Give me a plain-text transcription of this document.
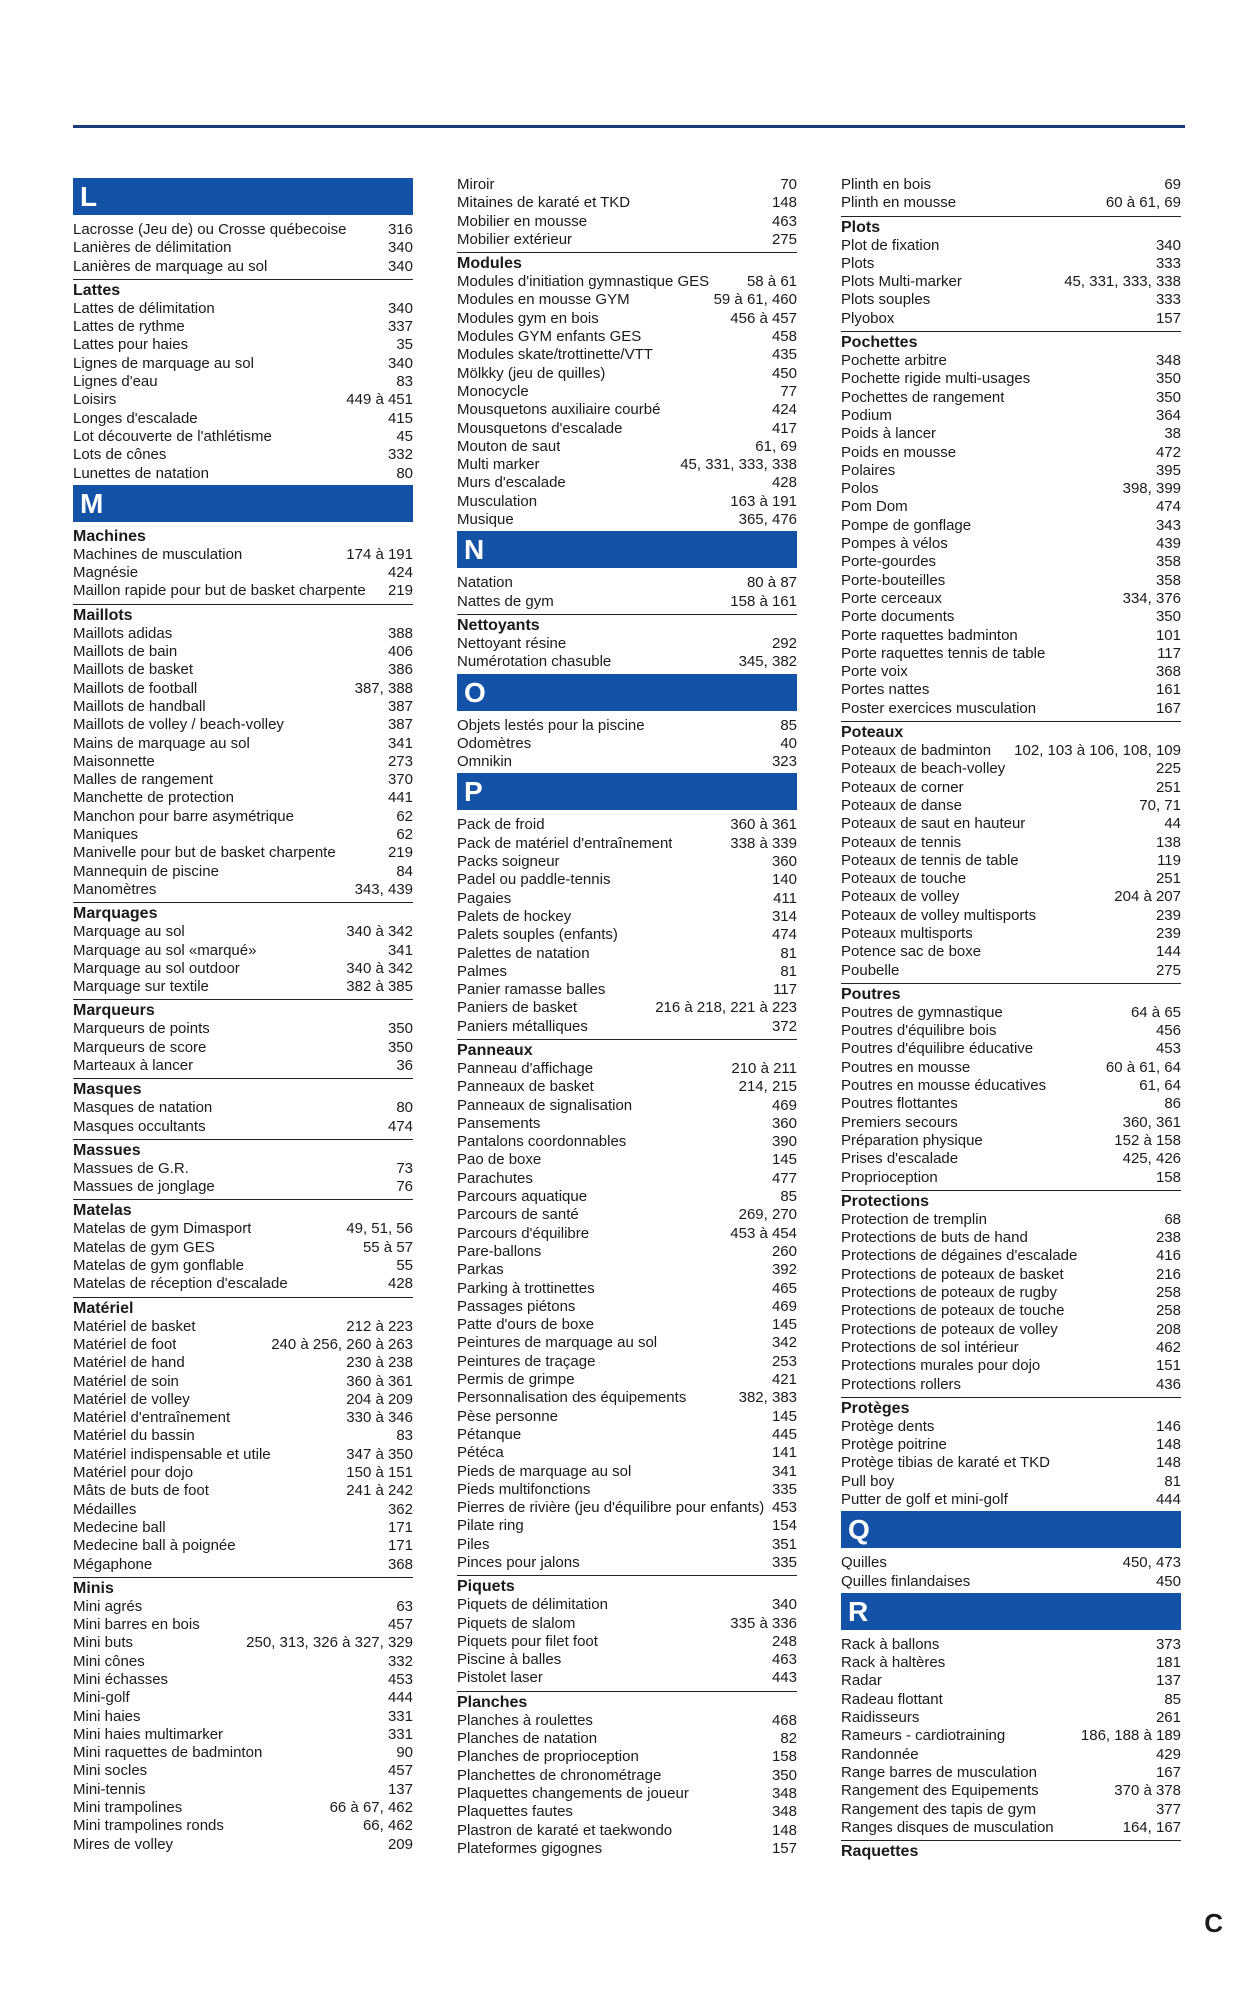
L
Lacrosse (Jeu de) ou Crosse québecoise	316
Lanières de délimitation	340
Lanières de marquage au sol	340
Lattes
Lattes de délimitation	340
Lattes de rythme	337
Lattes pour haies	35
Lignes de marquage au sol	340
Lignes d'eau	83
Loisirs	449 à 451
Longes d'escalade	415
Lot découverte de l'athlétisme	45
Lots de cônes	332
Lunettes de natation	80
M
Machines
Machines de musculation	174 à 191
Magnésie	424
Maillon rapide pour but de basket charpente 219
Maillots
Maillots adidas	388
Maillots de bain	406
Maillots de basket	386
Maillots de football	387, 388
Maillots de handball	387
Maillots de volley / beach-volley	387
Mains de marquage au sol	341
Maisonnette	273
Malles de rangement	370
Manchette de protection	441
Manchon pour barre asymétrique	62
Maniques	62
Manivelle pour but de basket charpente	219
Mannequin de piscine	84
Manomètres	343, 439
Marquages
Marquage au sol	340 à 342
Marquage au sol «marqué»	341
Marquage au sol outdoor	340 à 342
Marquage sur textile	382 à 385
Marqueurs
Marqueurs de points	350
Marqueurs de score	350
Marteaux à lancer	36
Masques
Masques de natation	80
Masques occultants	474
Massues
Massues de G.R.	73
Massues de jonglage	76
Matelas
Matelas de gym Dimasport	49, 51, 56
Matelas de gym GES	55 à 57
Matelas de gym gonflable	55
Matelas de réception d'escalade	428
Matériel
Matériel de basket	212 à 223
Matériel de foot	240 à 256, 260 à 263
Matériel de hand	230 à 238
Matériel de soin	360 à 361
Matériel de volley	204 à 209
Matériel d'entraînement	330 à 346
Matériel du bassin	83
Matériel indispensable et utile	347 à 350
Matériel pour dojo	150 à 151
Mâts de buts de foot	241 à 242
Médailles	362
Medecine ball	171
Medecine ball à poignée	171
Mégaphone	368
Minis
Mini agrés	63
Mini barres en bois	457
Mini buts	250, 313, 326 à 327, 329
Mini cônes	332
Mini échasses	453
Mini-golf	444
Mini haies	331
Mini haies multimarker	331
Mini raquettes de badminton	90
Mini socles	457
Mini-tennis	137
Mini trampolines	66 à 67, 462
Mini trampolines ronds	66, 462
Mires de volley	209
Miroir	70
Mitaines de karaté et TKD	148
Mobilier en mousse	463
Mobilier extérieur	275
Modules
Modules d'initiation gymnastique GES	58 à 61
Modules en mousse GYM	59 à 61, 460
Modules gym en bois	456 à 457
Modules GYM enfants GES	458
Modules skate/trottinette/VTT	435
Mölkky (jeu de quilles)	450
Monocycle	77
Mousquetons auxiliaire courbé	424
Mousquetons d'escalade	417
Mouton de saut	61, 69
Multi marker	45, 331, 333, 338
Murs d'escalade	428
Musculation	163 à 191
Musique	365, 476
N
Natation	80 à 87
Nattes de gym	158 à 161
Nettoyants
Nettoyant résine	292
Numérotation chasuble	345, 382
O
Objets lestés pour la piscine	85
Odomètres	40
Omnikin	323
P
Pack de froid	360 à 361
Pack de matériel d'entraînement	338 à 339
Packs soigneur	360
Padel ou paddle-tennis	140
Pagaies	411
Palets de hockey	314
Palets souples (enfants)	474
Palettes de natation	81
Palmes	81
Panier ramasse balles	117
Paniers de basket	216 à 218, 221 à 223
Paniers métalliques	372
Panneaux
Panneau d'affichage	210 à 211
Panneaux de basket	214, 215
Panneaux de signalisation	469
Pansements	360
Pantalons coordonnables	390
Pao de boxe	145
Parachutes	477
Parcours aquatique	85
Parcours de santé	269, 270
Parcours d'équilibre	453 à 454
Pare-ballons	260
Parkas	392
Parking à trottinettes	465
Passages piétons	469
Patte d'ours de boxe	145
Peintures de marquage au sol	342
Peintures de traçage	253
Permis de grimpe	421
Personnalisation des équipements	382, 383
Pèse personne	145
Pétanque	445
Pétéca	141
Pieds de marquage au sol	341
Pieds multifonctions	335
Pierres de rivière (jeu d'équilibre pour enfants) 453
Pilate ring	154
Piles	351
Pinces pour jalons	335
Piquets
Piquets de délimitation	340
Piquets de slalom	335 à 336
Piquets pour filet foot	248
Piscine à balles	463
Pistolet laser	443
Planches
Planches à roulettes	468
Planches de natation	82
Planches de proprioception	158
Planchettes de chronométrage	350
Plaquettes changements de joueur	348
Plaquettes fautes	348
Plastron de karaté et taekwondo	148
Plateformes gigognes	157
Plinth en bois	69
Plinth en mousse	60 à 61, 69
Plots
Plot de fixation	340
Plots	333
Plots Multi-marker	45, 331, 333, 338
Plots souples	333
Plyobox	157
Pochettes
Pochette arbitre	348
Pochette rigide multi-usages	350
Pochettes de rangement	350
Podium	364
Poids à lancer	38
Poids en mousse	472
Polaires	395
Polos	398, 399
Pom Dom	474
Pompe de gonflage	343
Pompes à vélos	439
Porte-gourdes	358
Porte-bouteilles	358
Porte cerceaux	334, 376
Porte documents	350
Porte raquettes badminton	101
Porte raquettes tennis de table	117
Porte voix	368
Portes nattes	161
Poster exercices musculation	167
Poteaux
Poteaux de badminton 102, 103 à 106, 108, 109
Poteaux de beach-volley	225
Poteaux de corner	251
Poteaux de danse	70, 71
Poteaux de saut en hauteur	44
Poteaux de tennis	138
Poteaux de tennis de table	119
Poteaux de touche	251
Poteaux de volley	204 à 207
Poteaux de volley multisports	239
Poteaux multisports	239
Potence sac de boxe	144
Poubelle	275
Poutres
Poutres de gymnastique	64 à 65
Poutres d'équilibre bois	456
Poutres d'équilibre éducative	453
Poutres en mousse	60 à 61, 64
Poutres en mousse éducatives	61, 64
Poutres flottantes	86
Premiers secours	360, 361
Préparation physique	152 à 158
Prises d'escalade	425, 426
Proprioception	158
Protections
Protection de tremplin	68
Protections de buts de hand	238
Protections de dégaines d'escalade	416
Protections de poteaux de basket	216
Protections de poteaux de rugby	258
Protections de poteaux de touche	258
Protections de poteaux de volley	208
Protections de sol intérieur	462
Protections murales pour dojo	151
Protections rollers	436
Protèges
Protège dents	146
Protège poitrine	148
Protège tibias de karaté et TKD	148
Pull boy	81
Putter de golf et mini-golf	444
Q
Quilles	450, 473
Quilles finlandaises	450
R
Rack à ballons	373
Rack à haltères	181
Radar	137
Radeau flottant	85
Raidisseurs	261
Rameurs - cardiotraining	186, 188 à 189
Randonnée	429
Range barres de musculation	167
Rangement des Equipements	370 à 378
Rangement des tapis de gym	377
Ranges disques de musculation	164, 167
Raquettes
C
